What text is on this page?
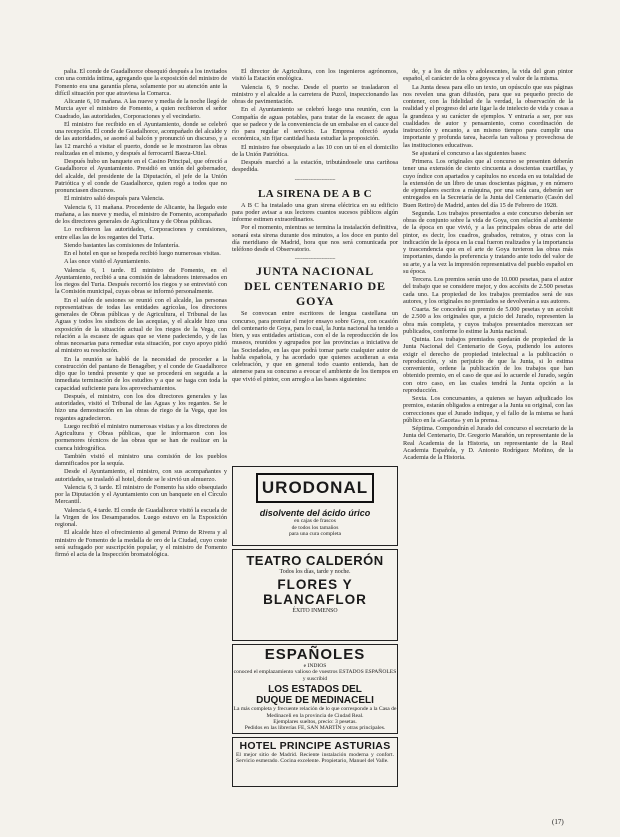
palia. El conde de Guadalhorce obsequió después a los invitados con una comida íntima, agregando que la exposición del ministro de Fomento era una garantía plena, solamente por su atención ante la difícil situación por que atraviesa la Comarca.

Alicante 6, 10 mañana. A las nueve y media de la noche llegó de Murcia ayer el ministro de Fomento, a quien recibieron el señor Cuadrado, las autoridades, Corporaciones y el vecindario.

El ministro fue recibido en el Ayuntamiento, donde se celebró una recepción. El conde de Guadalhorce, acompañado del alcalde y de las autoridades, se asomó al balcón y pronunció un discurso, y a las 12 marchó a visitar el puerto, donde se le mostraron las obras realizadas en el mismo, y después al ferrocarril Baeza-Utiel.

Después hubo un banquete en el Casino Principal, que ofreció a Guadalhorce el Ayuntamiento. Presidió en unión del gobernador, del alcalde, del presidente de la Diputación, el jefe de la Unión Patriótica y el conde de Guadalhorce, quien rogó a todos que no pronunciasen discursos.

El ministro salió después para Valencia.

Valencia 6, 11 mañana. Procedente de Alicante, ha llegado este mañana, a las nueve y media, el ministro de Fomento, acompañado de los directores generales de Agricultura y de Obras públicas.

Lo recibieron las autoridades, Corporaciones y comisiones, entre ellas las de los regantes del Turia.

Siendo bastantes las comisiones de Infantería.

En el hotel en que se hospeda recibió luego numerosas visitas.

A las once visitó el Ayuntamiento.

Valencia 6, 1 tarde. El ministro de Fomento, en el Ayuntamiento, recibió a una comisión de labradores interesados en los riegos del Turia. Después recorrió los riegos y se entrevistó con la Comisión municipal, cuyas obras se informó personalmente.

En el salón de sesiones se reunió con el alcalde, las personas representativas de todas las entidades agrícolas, los directores generales de Obras públicas y de Agricultura, el Tribunal de las Aguas y todos los síndicos de las acequias, y el alcalde hizo una exposición de la situación actual de los riegos de la Vega, con relación a la escasez de aguas que se viene padeciendo, y de las obras necesarias para remediar esta situación, por cuyo apoyo pidió al ministro su resolución.

En la reunión se habló de la necesidad de proceder a la construcción del pantano de Benagéber, y el conde de Guadalhorce dijo que lo tendrá presente y que se procederá en seguida a la inmediata terminación de los estudios y a que se haga con toda la capacidad suficiente para los aprovechamientos.

Después, el ministro, con los dos directores generales y las autoridades, visitó el Tribunal de las Aguas y los regantes. Se le hizo una demostración en las obras de riego de la Vega, que los regantes agradecieron.

Luego recibió el ministro numerosas visitas y a los directores de Agricultura y Obras públicas, que le informaron con los pormenores técnicos de las obras que se han de realizar en la cuenca hidrográfica.

También visitó el ministro una comisión de los pueblos damnificados por la sequía.

Desde el Ayuntamiento, el ministro, con sus acompañantes y autoridades, se trasladó al hotel, donde se le sirvió un almuerzo.

Valencia 6, 3 tarde. El ministro de Fomento ha sido obsequiado por la Diputación y el Ayuntamiento con un banquete en el Círculo Mercantil.

Valencia 6, 4 tarde. El conde de Guadalhorce visitó la escuela de la Virgen de los Desamparados. Luego estuvo en la Exposición regional.

El alcalde hizo el ofrecimiento al general Primo de Rivera y al ministro de Fomento de la medalla de oro de la Ciudad, cuyo coste será sufragado por suscripción popular, y el ministro de Fomento firmó el acta de la Inspección bromatológica.

El director de Agricultura, con los ingenieros agrónomos, visitó la Estación enológica.

Valencia 6, 9 noche. Desde el puerto se trasladaron el ministro y el alcalde a la carretera de Puzol, inspeccionando las obras de pavimentación.

En el Ayuntamiento se celebró luego una reunión, con la Compañía de aguas potables, para tratar de la escasez de agua que se padece y de la conveniencia de un embalse en el cauce del río para regular el servicio. La Empresa ofreció ayuda económica, sin fijar cantidad hasta estudiar la proposición.

El ministro fue obsequiado a las 10 con un té en el domicilio de la Unión Patriótica.

Después marchó a la estación, tributándosele una cariñosa despedida.

~~~~~~~~~~~~~~~
LA SIRENA DE A B C

A B C ha instalado una gran sirena eléctrica en su edificio para poder avisar a sus lectores cuantos sucesos públicos algún informe estimen extraordinarios.

Por el momento, mientras se termina la instalación definitiva, sonará esta sirena durante dos minutos, a los doce en punto del día meridiano de Madrid, hora que nos será comunicada por teléfono desde el Observatorio.

~~~~~~~~~~~~~~~
JUNTA NACIONAL
DEL CENTENARIO DE
GOYA

Se convocan entre escritores de lengua castellana un concurso, para premiar el mejor ensayo sobre Goya, con ocasión del centenario de Goya, para lo cual, la Junta nacional ha tenido a bien, y sus entidades artísticas, con el de la reproducción de los museos, reunidos y agrupados por las provincias a iniciativa de las Sociedades, en las que podrá tomar parte cualquier autor de habla española, y ha acordado que quienes acudieran a esta celebración, y que en general todo cuanto entienda, han de atenerse para su concurso a evocar el ambiente de los tiempos en que vivió el pintor, con arreglo a las bases siguientes:

URODONAL
disolvente del ácido úrico
en cajas de frascos
de todos los tamaños
para una cura completa
TEATRO CALDERÓN
Todos los días, tarde y noche.
FLORES Y
BLANCAFLOR
ÉXITO INMENSO
ESPAÑOLES
e INDIOS
conoced el emplazamiento valioso de vuestros ESTADOS ESPAÑOLES y suscribid
LOS ESTADOS DEL
DUQUE DE MEDINACELI
La más completa y frecuente relación de lo que corresponde a la Casa de Medinaceli en la provincia de Ciudad Real.
Ejemplares sueltos, precio: 3 pesetas.
Pedidos en las librerías FE, SAN MARTÍN y otras principales.
HOTEL PRINCIPE ASTURIAS
El mejor sitio de Madrid. Reciente instalación moderna y confort. Servicio esmerado. Cocina excelente. Propietario, Manuel del Valle.

de, y a los de niños y adolescentes, la vida del gran pintor español, el carácter de la obra goyesca y el valor de la misma.

La Junta desea para ello un texto, un opúsculo que sus páginas nos revelen una gran difusión, para que su pequeño precio de contener, con la fidelidad de la verdad, la observación de la realidad y el progreso del arte ligar la de intelecto de vida y cosas a la grandeza y su carácter de ejemplos. Y entraría a ser, por sus cualidades de autor y pensamiento, como coordinación de instrucción y encanto, a un mismo tiempo para cumplir una importante y profunda tarea, hacerla tan valiosa y provechosa de las instituciones educativas.

Se ajustará el concurso a las siguientes bases:

Primera. Los originales que al concurso se presenten deberán tener una extensión de ciento cincuenta a doscientas cuartillas, y cuyo índice con apartados y capítulos no exceda en su totalidad de la extensión de un libro de unas doscientas páginas, y en número de ejemplares escritos a máquina, por una sola cara, deberán ser entregados en la Secretaría de la Junta del Centenario (Casón del Buen Retiro) de Madrid, antes del día 15 de Febrero de 1928.

Segunda. Los trabajos presentados a este concurso deberán ser obras de conjunto sobre la vida de Goya, con relación al ambiente de la época en que vivió, y a las principales obras de arte del pintor, es decir, los cuadros, grabados, retratos, y otras con la indicación de la época en la cual fueron realizados y la importancia y trascendencia que en el arte de Goya tuvieron las obras más importantes, dando la preferencia y tratando ante todo del valor de su arte, y a la vez la impresión representativa del pueblo español en su época.

Tercera. Los premios serán uno de 10.000 pesetas, para el autor del trabajo que se considere mejor, y dos accésits de 2.500 pesetas cada uno. La propiedad de los trabajos premiados será de sus autores, y los originales no premiados se devolverán a sus autores.

Cuarta. Se concederá un premio de 5.000 pesetas y un accésit de 2.500 a los originales que, a juicio del Jurado, representen la obra más completa, y cuyos trabajos presentados merezcan ser publicados, conforme lo estime la Junta nacional.

Quinta. Los trabajos premiados quedarán de propiedad de la Junta Nacional del Centenario de Goya, pudiendo los autores exigir el derecho de propiedad intelectual a la publicación o reproducción, y sin perjuicio de que la Junta, si lo estima conveniente, ordene la publicación de los trabajos que han obtenido premio, en el caso de que así lo acuerde el Jurado, según con otro caso, en las cuales tendrá la Junta opción a la reproducción.

Sexta. Los concursantes, a quienes se hayan adjudicado los premios, estarán obligados a entregar a la Junta su original, con las correcciones que el Jurado indique, y el fallo de la misma se hará público en la «Gaceta» y en la prensa.

Séptima. Compondrán el Jurado del concurso el secretario de la Junta del Centenario, Dr. Gregorio Marañón, un representante de la Real Academia de la Historia, un representante de la Real Academia Española, y D. Antonio Rodríguez Moñino, de la Academia de la Historia.

(17)
